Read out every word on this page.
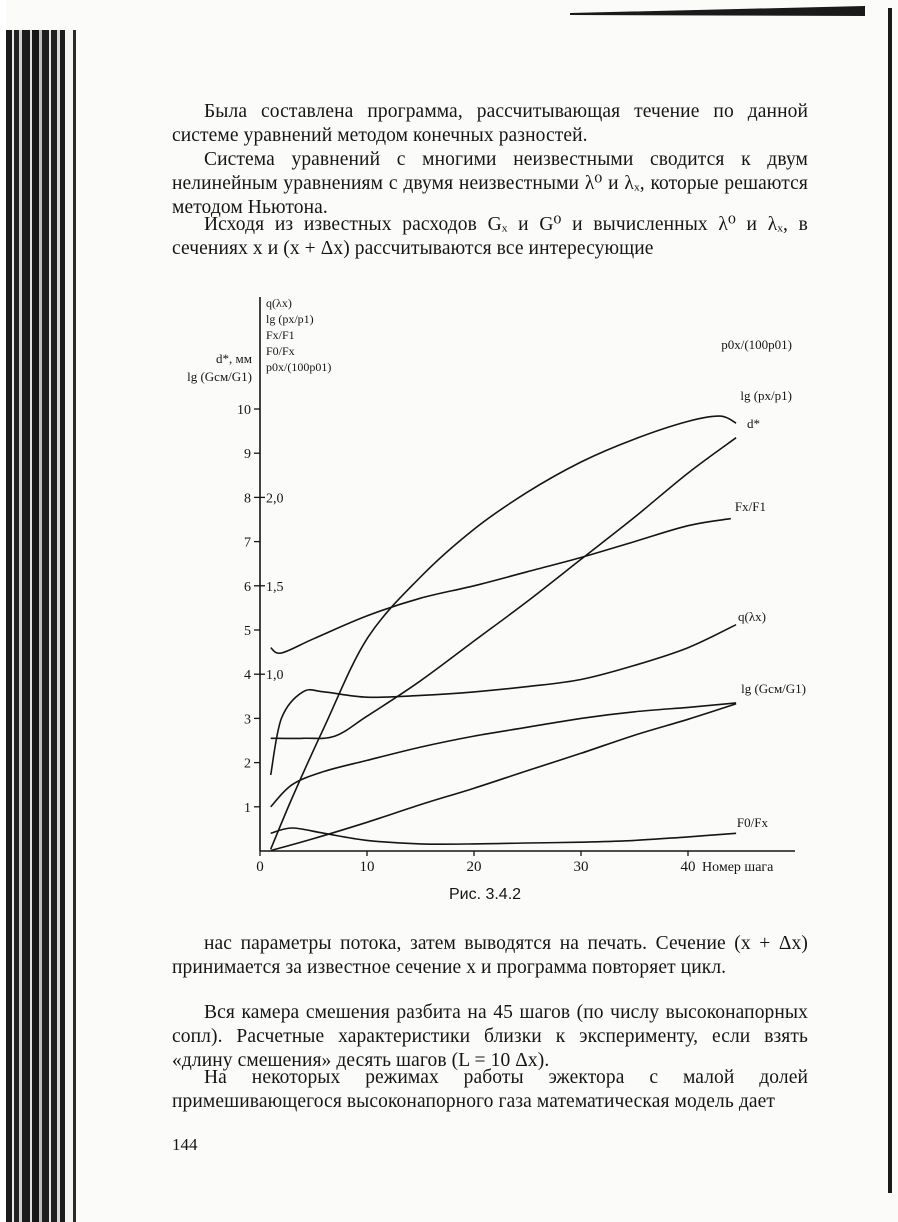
Была составлена программа, рассчитывающая течение по данной системе уравнений методом конечных разностей.

Система уравнений с многими неизвестными сводится к двум нелинейным уравнениям с двумя неизвестными λ⁰ и λₓ, которые решаются методом Ньютона.

Исходя из известных расходов Gₓ и G⁰ и вычисленных λ⁰ и λₓ, в сечениях x и (x + Δx) рассчитываются все интересующие

0	10	20	30	40
1
2
3
4
5
6
7
8
9
10
1,0
1,5
2,0
Номер шага
d*, мм
lg (Gсм/G1)
q(λx)
lg (px/p1)
Fx/F1
F0/Fx
p0x/(100p01)
p0x/(100p01)
lg (px/p1)
d*
Fx/F1
q(λx)
lg (Gсм/G1)
F0/Fx
Рис. 3.4.2

нас параметры потока, затем выводятся на печать. Сечение (x + Δx) принимается за известное сечение x и программа повторяет цикл.

Вся камера смешения разбита на 45 шагов (по числу высоконапорных сопл). Расчетные характеристики близки к эксперименту, если взять «длину смешения» десять шагов (L = 10 Δx).

На некоторых режимах работы эжектора с малой долей примешивающегося высоконапорного газа математическая модель дает

144
